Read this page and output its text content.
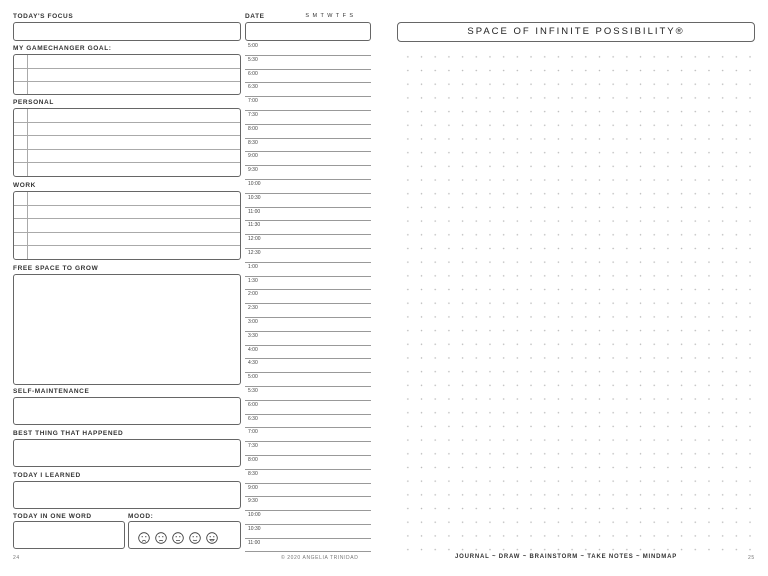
TODAY'S FOCUS	DATE	S M T W T F S
MY GAMECHANGER GOAL:
PERSONAL
WORK
FREE SPACE TO GROW
SELF-MAINTENANCE
BEST THING THAT HAPPENED
TODAY I LEARNED
TODAY IN ONE WORD	MOOD:
5:00
5:30
6:00
6:30
7:00
7:30
8:00
8:30
9:00
9:30
10:00
10:30
11:00
11:30
12:00
12:30
1:00
1:30
2:00
2:30
3:00
3:30
4:00
4:30
5:00
5:30
6:00
6:30
7:00
7:30
8:00
8:30
9:00
9:30
10:00
10:30
11:00
24	© 2020 ANGELIA TRINIDAD
SPACE OF INFINITE POSSIBILITY®
JOURNAL ~ DRAW ~ BRAINSTORM ~ TAKE NOTES ~ MINDMAP	25
